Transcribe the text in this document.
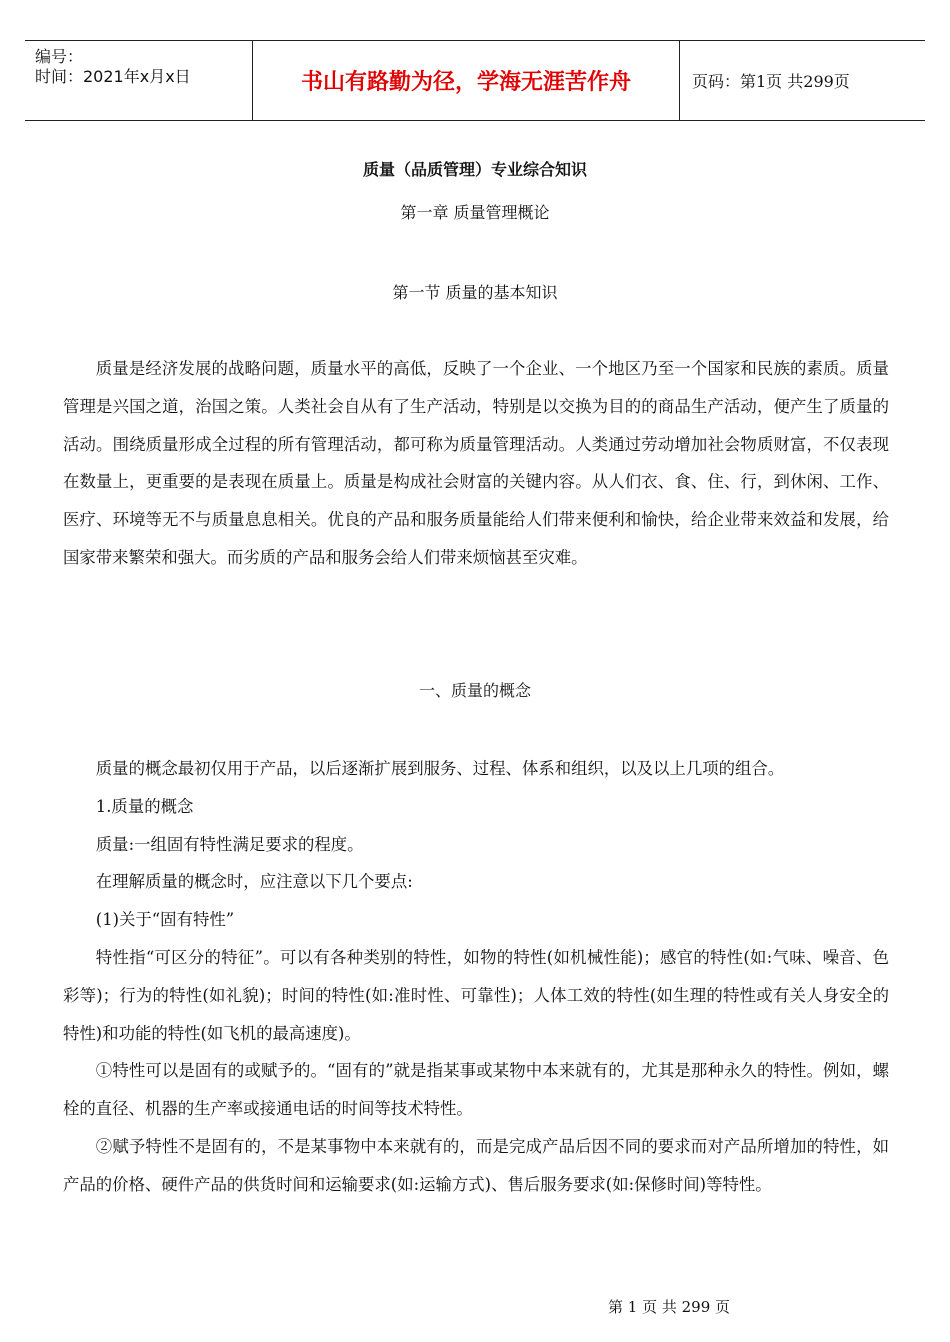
编号：
时间：2021年x月x日	书山有路勤为径，学海无涯苦作舟	页码：第1页 共299页
质量（品质管理）专业综合知识
第一章 质量管理概论
第一节 质量的基本知识

质量是经济发展的战略问题，质量水平的高低，反映了一个企业、一个地区乃至一个国家和民族的素质。质量管理是兴国之道，治国之策。人类社会自从有了生产活动，特别是以交换为目的的商品生产活动，便产生了质量的活动。围绕质量形成全过程的所有管理活动，都可称为质量管理活动。人类通过劳动增加社会物质财富，不仅表现在数量上，更重要的是表现在质量上。质量是构成社会财富的关键内容。从人们衣、食、住、行，到休闲、工作、医疗、环境等无不与质量息息相关。优良的产品和服务质量能给人们带来便利和愉快，给企业带来效益和发展，给国家带来繁荣和强大。而劣质的产品和服务会给人们带来烦恼甚至灾难。

一、质量的概念

质量的概念最初仅用于产品，以后逐渐扩展到服务、过程、体系和组织，以及以上几项的组合。

1.质量的概念

质量:一组固有特性满足要求的程度。

在理解质量的概念时，应注意以下几个要点:

(1)关于“固有特性”

特性指“可区分的特征”。可以有各种类别的特性，如物的特性(如机械性能)；感官的特性(如:气味、噪音、色彩等)；行为的特性(如礼貌)；时间的特性(如:准时性、可靠性)；人体工效的特性(如生理的特性或有关人身安全的特性)和功能的特性(如飞机的最高速度)。

①特性可以是固有的或赋予的。“固有的”就是指某事或某物中本来就有的，尤其是那种永久的特性。例如，螺栓的直径、机器的生产率或接通电话的时间等技术特性。

②赋予特性不是固有的，不是某事物中本来就有的，而是完成产品后因不同的要求而对产品所增加的特性，如产品的价格、硬件产品的供货时间和运输要求(如:运输方式)、售后服务要求(如:保修时间)等特性。

第 1 页 共 299 页
